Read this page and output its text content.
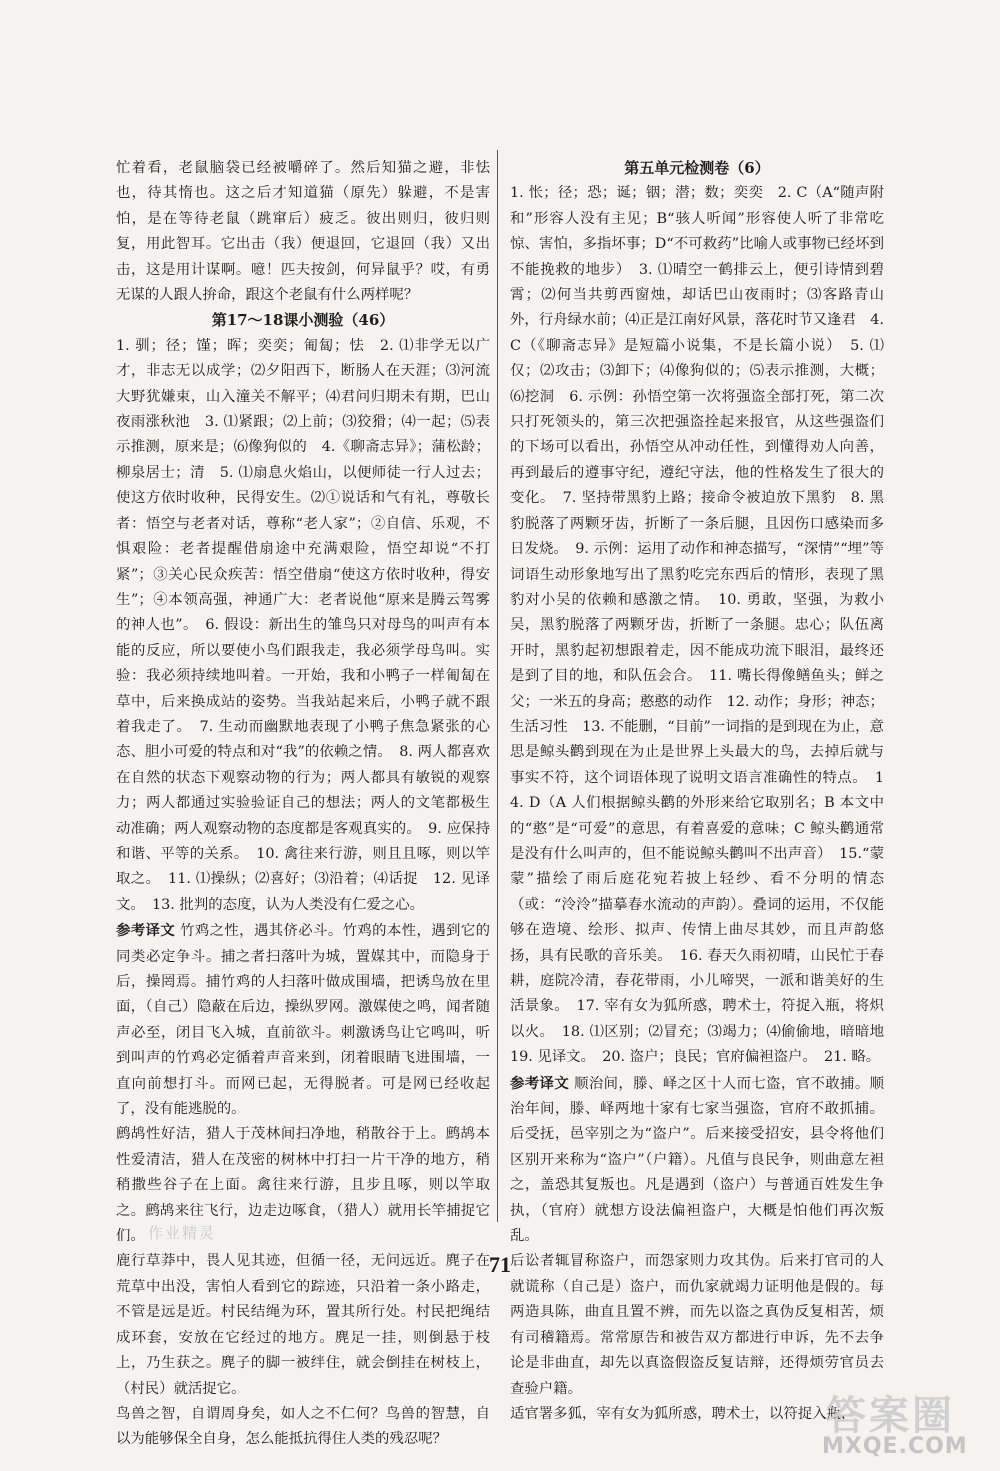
忙着看，老鼠脑袋已经被嚼碎了。然后知猫之避，非怯也，待其惰也。这之后才知道猫（原先）躲避，不是害怕，是在等待老鼠（跳窜后）疲乏。彼出则归，彼归则复，用此智耳。它出击（我）便退回，它退回（我）又出击，这是用计谋啊。噫！匹夫按剑，何异鼠乎？哎，有勇无谋的人跟人拚命，跟这个老鼠有什么两样呢？

第17～18课小测验（46）

1. 驯；径；馑；晖；奕奕；匍匐；怯　2. ⑴非学无以广才，非志无以成学；⑵夕阳西下，断肠人在天涯；⑶河流大野犹嫌束，山入潼关不解平；⑷君问归期未有期，巴山夜雨涨秋池　3. ⑴紧跟；⑵上前；⑶狡猾；⑷一起；⑸表示推测，原来是；⑹像狗似的　4.《聊斋志异》；蒲松龄；柳泉居士；清　5. ⑴扇息火焰山，以便师徒一行人过去；使这方依时收种，民得安生。⑵①说话和气有礼，尊敬长者：悟空与老者对话，尊称“老人家”；②自信、乐观，不惧艰险：老者提醒借扇途中充满艰险，悟空却说“不打紧”；③关心民众疾苦：悟空借扇“使这方依时收种，得安生”；④本领高强，神通广大：老者说他“原来是腾云驾雾的神人也”。　6. 假设：新出生的雏鸟只对母鸟的叫声有本能的反应，所以要使小鸟们跟我走，我必须学母鸟叫。实验：我必须持续地叫着。一开始，我和小鸭子一样匍匐在草中，后来换成站的姿势。当我站起来后，小鸭子就不跟着我走了。　7. 生动而幽默地表现了小鸭子焦急紧张的心态、胆小可爱的特点和对“我”的依赖之情。　8. 两人都喜欢在自然的状态下观察动物的行为；两人都具有敏锐的观察力；两人都通过实验验证自己的想法；两人的文笔都极生动准确；两人观察动物的态度都是客观真实的。　9. 应保持和谐、平等的关系。　10. 禽往来行游，则且且啄，则以竿取之。　11. ⑴操纵；⑵喜好；⑶沿着；⑷话捉　12. 见译文。　13. 批判的态度，认为人类没有仁爱之心。

参考译文 竹鸡之性，遇其侪必斗。竹鸡的本性，遇到它的同类必定争斗。捕之者扫落叶为城，置媒其中，而隐身于后，操罔焉。捕竹鸡的人扫落叶做成围墙，把诱鸟放在里面，（自己）隐蔽在后边，操纵罗网。激媒使之鸣，闻者随声必至，闭目飞入城，直前欲斗。刺激诱鸟让它鸣叫，听到叫声的竹鸡必定循着声音来到，闭着眼睛飞进围墙，一直向前想打斗。而网已起，无得脱者。可是网已经收起了，没有能逃脱的。

鹧鸪性好洁，猎人于茂林间扫净地，稍散谷于上。鹧鸪本性爱清洁，猎人在茂密的树林中打扫一片干净的地方，稍稍撒些谷子在上面。禽往来行游，且步且啄，则以竿取之。鹧鸪来往飞行，边走边啄食，（猎人）就用长竿捕捉它们。

鹿行草莽中，畏人见其迹，但循一径，无问远近。麂子在荒草中出没，害怕人看到它的踪迹，只沿着一条小路走，不管是远是近。村民结绳为环，置其所行处。村民把绳结成环套，安放在它经过的地方。麂足一挂，则倒悬于枝上，乃生获之。麂子的脚一被绊住，就会倒挂在树枝上，（村民）就活捉它。

鸟兽之智，自谓周身矣，如人之不仁何？鸟兽的智慧，自以为能够保全自身，怎么能抵抗得住人类的残忍呢？

第五单元检测卷（6）

1. 怅；径；恐；诞；铟；潜；数；奕奕　2. C（A“随声附和”形容人没有主见；B“骇人听闻”形容使人听了非常吃惊、害怕，多指坏事；D“不可救药”比喻人或事物已经坏到不能挽救的地步）　3. ⑴晴空一鹤排云上，便引诗情到碧霄；⑵何当共剪西窗烛，却话巴山夜雨时；⑶客路青山外，行舟绿水前；⑷正是江南好风景，落花时节又逢君　4. C（《聊斋志异》是短篇小说集，不是长篇小说）　5. ⑴仅；⑵攻击；⑶卸下；⑷像狗似的；⑸表示推测，大概；⑹挖洞　6. 示例：孙悟空第一次将强盗全部打死，第二次只打死领头的，第三次把强盗拴起来报官，从这些强盗们的下场可以看出，孙悟空从冲动任性，到懂得劝人向善，再到最后的遵事守纪，遵纪守法，他的性格发生了很大的变化。　7. 坚持带黑豹上路；接命令被迫放下黑豹　8. 黑豹脱落了两颗牙齿，折断了一条后腿，且因伤口感染而多日发烧。　9. 示例：运用了动作和神态描写，“深情”“埋”等词语生动形象地写出了黑豹吃完东西后的情形，表现了黑豹对小吴的依赖和感激之情。　10. 勇敢，坚强，为救小吴，黑豹脱落了两颗牙齿，折断了一条腿。忠心；队伍离开时，黑豹起初想跟着走，因不能成功流下眼泪，最终还是到了目的地，和队伍会合。　11. 嘴长得像鳝鱼头；鲜之父；一米五的身高；憨憨的动作　12. 动作；身形；神态；生活习性　13. 不能删，“目前”一词指的是到现在为止，意思是鲸头鹳到现在为止是世界上头最大的鸟，去掉后就与事实不符，这个词语体现了说明文语言准确性的特点。　14. D（A 人们根据鲸头鹳的外形来给它取别名；B 本文中的“憨”是“可爱”的意思，有着喜爱的意味；C 鲸头鹳通常是没有什么叫声的，但不能说鲸头鹳叫不出声音）　15.“蒙蒙”描绘了雨后庭花宛若披上轻纱、看不分明的情态（或：“泠泠”描摹春水流动的声韵）。叠词的运用，不仅能够在造境、绘形、拟声、传情上曲尽其妙，而且声韵悠扬，具有民歌的音乐美。　16. 春天久雨初晴，山民忙于春耕，庭院冷清，春花带雨，小儿啼哭，一派和谐美好的生活景象。　17. 宰有女为狐所惑，聘术士，符捉入瓶，将炽以火。　18. ⑴区别；⑵冒充；⑶竭力；⑷偷偷地，暗暗地　19. 见译文。　20. 盗户；良民；官府偏袒盗户。　21. 略。

参考译文 顺治间，滕、峄之区十人而七盗，官不敢捕。顺治年间，滕、峄两地十家有七家当强盗，官府不敢抓捕。后受抚，邑宰别之为“盗户”。后来接受招安，县令将他们区别开来称为“盗户”（户籍）。凡值与良民争，则曲意左袒之，盖恐其复叛也。凡是遇到（盗户）与普通百姓发生争执，（官府）就想方设法偏袒盗户，大概是怕他们再次叛乱。

后讼者辄冒称盗户，而怨家则力攻其伪。后来打官司的人就谎称（自己是）盗户，而仇家就竭力证明他是假的。每两造具陈，曲直且置不辨，而先以盗之真伪反复相苦，烦有司稽籍焉。常常原告和被告双方都进行申诉，先不去争论是非曲直，却先以真盗假盗反复诘辩，还得烦劳官员去查验户籍。

适官署多狐，宰有女为狐所惑，聘术士，以符捉入瓶，

71
作业精灵
答案圈
MXQE.COM
